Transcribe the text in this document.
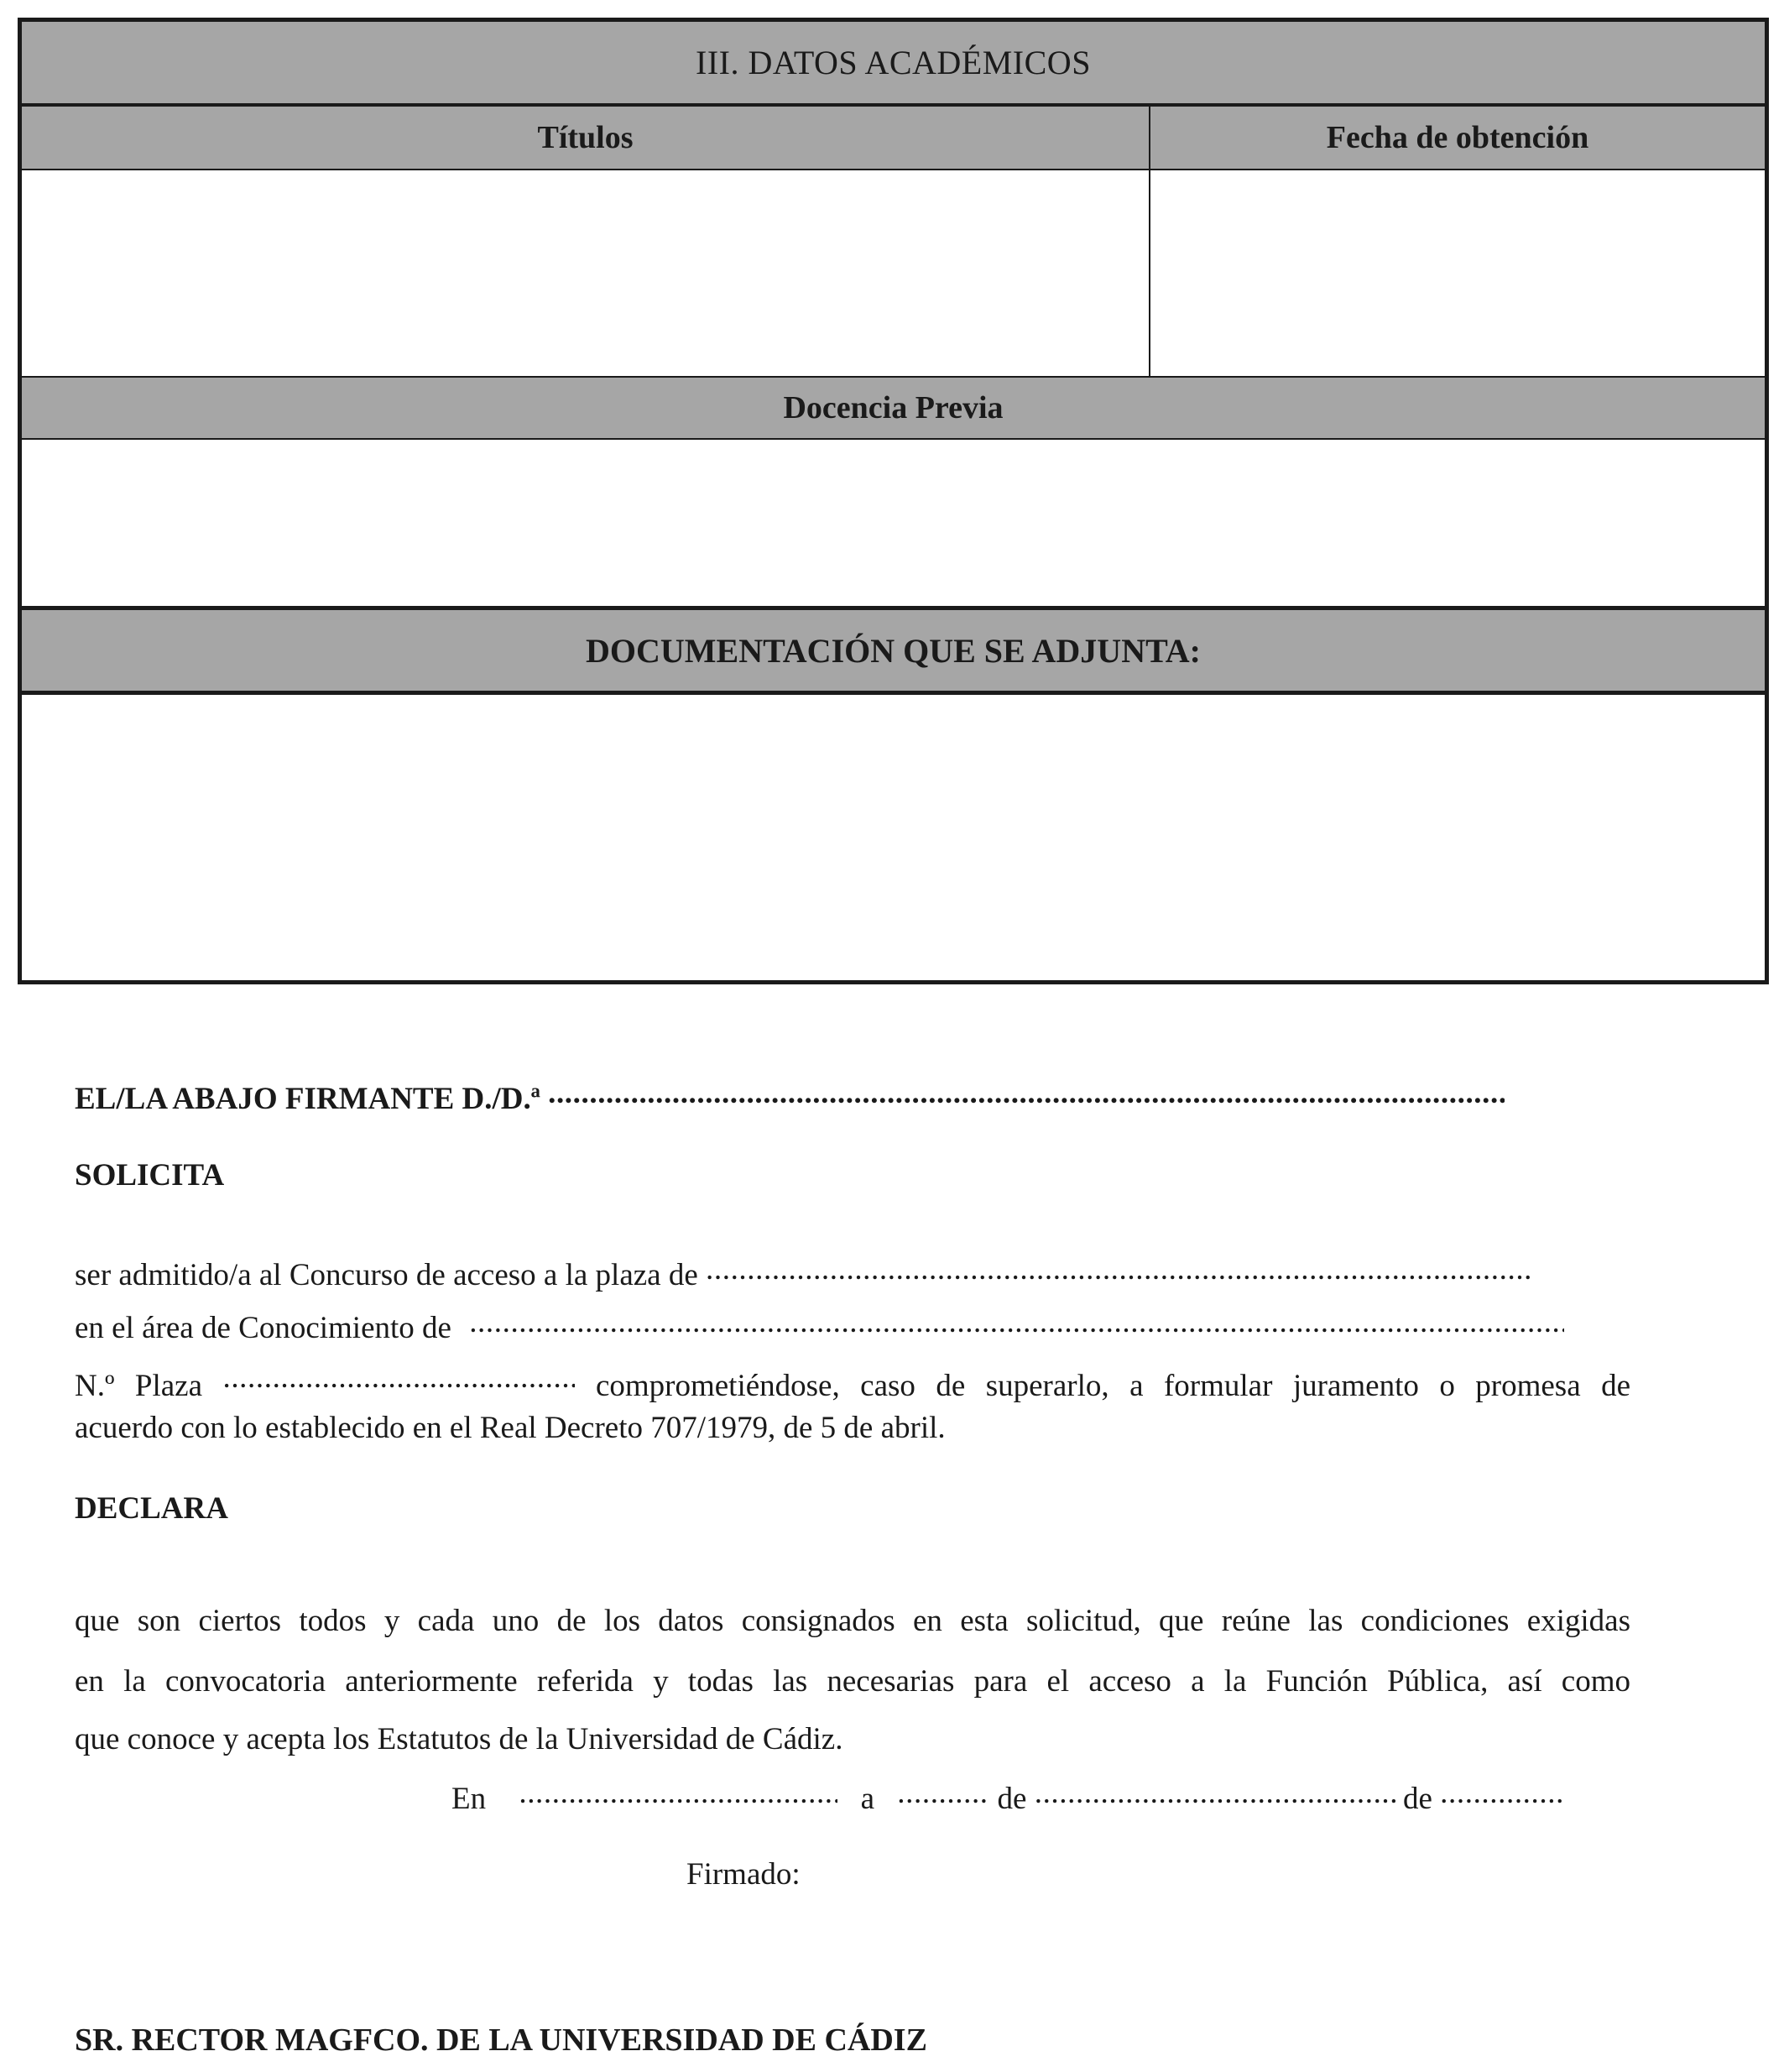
III. DATOS ACADÉMICOS
Títulos	Fecha de obtención
Docencia Previa
DOCUMENTACIÓN QUE SE ADJUNTA:
EL/LA ABAJO FIRMANTE D./D.ª .....
SOLICITA
ser admitido/a al Concurso de acceso a la plaza de .....
en el área de Conocimiento de .....
N.º Plaza .....	comprometiéndose, caso de superarlo, a formular juramento o promesa de
acuerdo con lo establecido en el Real Decreto 707/1979, de 5 de abril.
DECLARA
que son ciertos todos y cada uno de los datos consignados en esta solicitud, que reúne las condiciones exigidas
en la convocatoria anteriormente referida y todas las necesarias para el acceso a la Función Pública, así como
que conoce y acepta los Estatutos de la Universidad de Cádiz.
En .....	a .....	de .....	de .....
Firmado:
SR. RECTOR MAGFCO. DE LA UNIVERSIDAD DE CÁDIZ
